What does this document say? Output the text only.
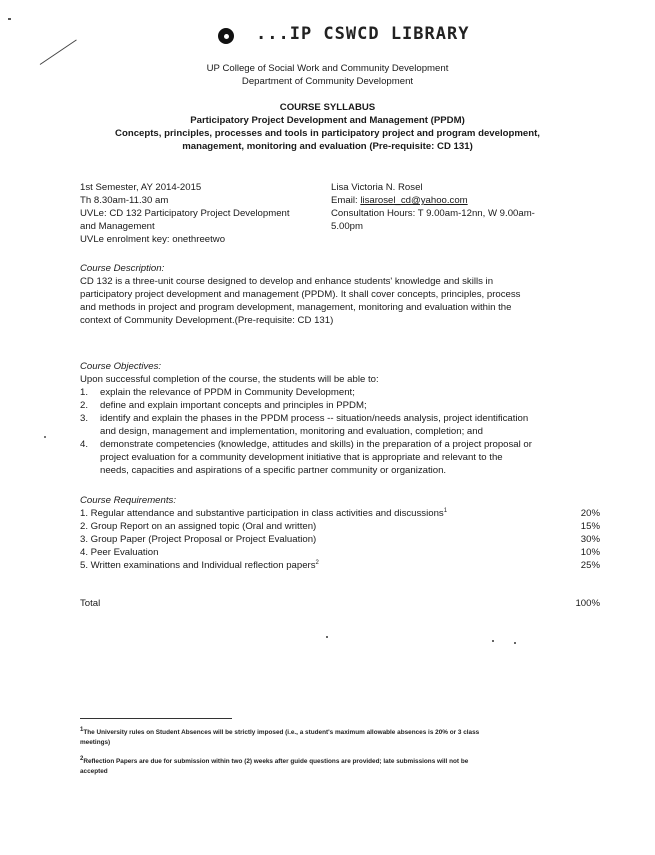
...IP CSWCD LIBRARY
UP College of Social Work and Community Development
Department of Community Development
COURSE SYLLABUS
Participatory Project Development and Management (PPDM)
Concepts, principles, processes and tools in participatory project and program development,
management, monitoring and evaluation (Pre-requisite: CD 131)
1st Semester, AY 2014-2015
Th 8.30am-11.30 am
UVLe: CD 132 Participatory Project Development
and Management
UVLe enrolment key: onethreetwo
Lisa Victoria N. Rosel
Email: lisarosel_cd@yahoo.com
Consultation Hours: T 9.00am-12nn, W 9.00am-
5.00pm
Course Description:
CD 132 is a three-unit course designed to develop and enhance students' knowledge and skills in
participatory project development and management (PPDM). It shall cover concepts, principles, process
and methods in project and program development, management, monitoring and evaluation within the
context of Community Development.(Pre-requisite: CD 131)
Course Objectives:
Upon successful completion of the course, the students will be able to:
1. explain the relevance of PPDM in Community Development;
2. define and explain important concepts and principles in PPDM;
3. identify and explain the phases in the PPDM process -- situation/needs analysis, project identification
and design, management and implementation, monitoring and evaluation, completion; and
4. demonstrate competencies (knowledge, attitudes and skills) in the preparation of a project proposal or
project evaluation for a community development initiative that is appropriate and relevant to the
needs, capacities and aspirations of a specific partner community or organization.
Course Requirements:
1. Regular attendance and substantive participation in class activities and discussions$^1$	20%
2. Group Report on an assigned topic (Oral and written)	15%
3. Group Paper (Project Proposal or Project Evaluation)	30%
4. Peer Evaluation	10%
5. Written examinations and Individual reflection papers$^2$	25%
Total	100%
$^1$The University rules on Student Absences will be strictly imposed (i.e., a student's maximum allowable absences is 20% or 3 class
meetings)
$^2$Reflection Papers are due for submission within two (2) weeks after guide questions are provided; late submissions will not be
accepted
